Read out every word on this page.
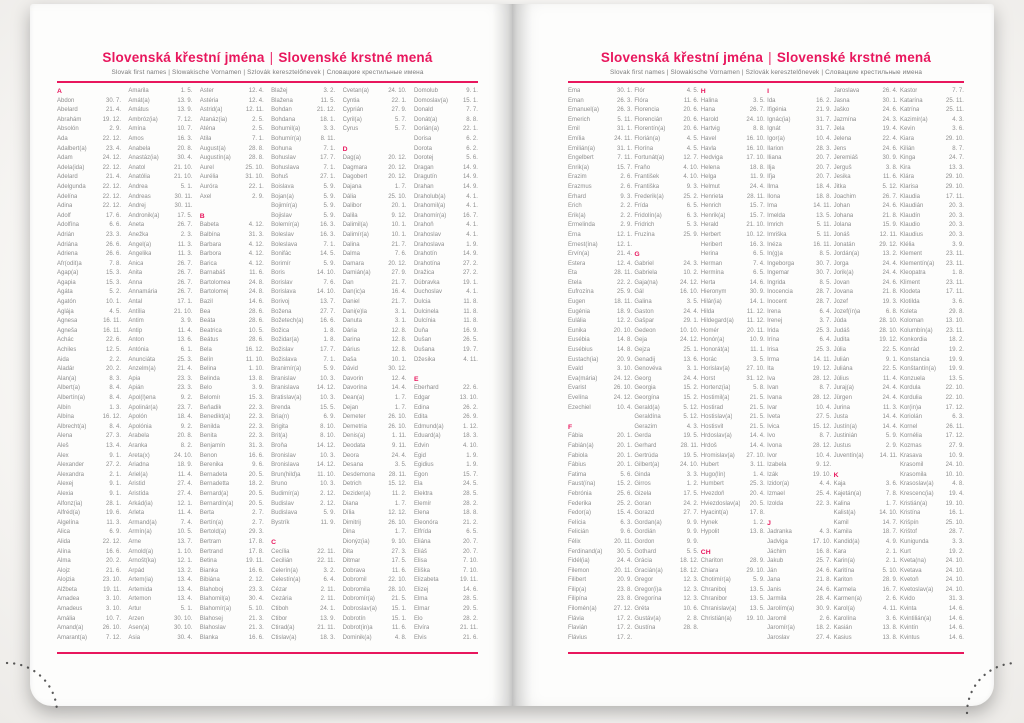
Slovenská křestní jména | Slovenské krstné mená
Slovak first names | Slowakische Vornamen | Szlovák keresztelőnevek | Словацкие крестильные имена
A
Abdon	30. 7.
Abelard	21. 4.
Abrahám	19. 12.
Absolón	2. 9.
Ada	22. 12.
Adalbert(a)	23. 4.
Adam	24. 12.
Adela(ida)	22. 12.
Adelard	21. 4.
Adelgunda	22. 12.
Adelína	22. 12.
Adina	22. 12.
Adolf	17. 6.
Adolfína	6. 6.
Adrián	23. 3.
Adriána	26. 6.
Adriena	26. 6.
Afr(odit)a	7. 8.
Agap(a)	15. 3.
Agapia	15. 3.
Agáta	5. 2.
Agatón	10. 1.
Aglája	4. 5.
Agnesa	16. 11.
Agneša	16. 11.
Achác	22. 6.
Achiles	12. 5.
Aida	2. 2.
Aladár	20. 2.
Alan(a)	8. 3.
Albert(a)	8. 4.
Albertín(a)	8. 4.
Albín	1. 3.
Albína	16. 12.
Albrecht(a)	8. 4.
Alena	27. 3.
Aleš	13. 4.
Alex	9. 1.
Alexander	27. 2.
Alexandra	2. 1.
Alexej	9. 1.
Alexia	9. 1.
Alfonz(ia)	28. 1.
Alfréd(a)	19. 6.
Algelína	11. 3.
Alica	6. 9.
Alida	22. 12.
Alína	16. 6.
Alma	20. 2.
Alojz	21. 6.
Alojzia	23. 10.
Alžbeta	19. 11.
Amadea	3. 10.
Amadeus	3. 10.
Amália	10. 7.
Amand(a)	26. 10.
Amarant(a)	7. 12.
Amarila	1. 5.
Amát(a)	13. 9.
Amátus	13. 9.
Ambróz(ia)	7. 12.
Amína	10. 7.
Amos	16. 3.
Anabela	20. 8.
Anastáz(ia)	30. 4.
Anatol	21. 10.
Anatólia	21. 10.
Andrea	5. 1.
Andreas	30. 11.
Andrej	30. 11.
Andronik(a)	17. 5.
Aneta	26. 7.
Anežka	2. 3.
Angel(a)	11. 3.
Angelika	11. 3.
Anica	26. 7.
Anita	26. 7.
Anna	26. 7.
Annamária	26. 7.
Antal	17. 1.
Antília	21. 10.
Antim	3. 9.
Antip	11. 4.
Anton	13. 6.
Antónia	6. 1.
Anunciáta	25. 3.
Anzelm(a)	21. 4.
Apia	23. 3.
Apián	23. 3.
Apol(l)ena	9. 2.
Apolinár(a)	23. 7.
Apolón	18. 4.
Apolónia	9. 2.
Arabela	20. 8.
Aranka	8. 2.
Areta(x)	24. 10.
Ariadna	18. 9.
Ariel(a)	11. 4.
Aristid	27. 4.
Aristída	27. 4.
Arkád(ia)	12. 1.
Arleta	11. 4.
Armand(a)	7. 4.
Armín(a)	10. 5.
Arne	13. 7.
Arnold(a)	1. 10.
Arnošt(ka)	12. 1.
Arpád	13. 2.
Artem(ia)	13. 4.
Artemida	13. 4.
Artemon	13. 4.
Artur	5. 1.
Arzen	30. 10.
Asen(a)	30. 10.
Asia	30. 4.
Aster	12. 4.
Astéria	12. 4.
Astrid(a)	12. 11.
Atanáz(ia)	2. 5.
Aténa	2. 5.
Atila	7. 1.
August(a)	28. 8.
Augustín(a)	28. 8.
Aurel	25. 10.
Aurélia	31. 10.
Auróra	22. 1.
Axel	2. 9.
B
Babeta	4. 12.
Balbína	31. 3.
Barbara	4. 12.
Barbora	4. 12.
Barica	4. 12.
Barnabáš	11. 6.
Bartolomea	24. 8.
Bartolomej	24. 8.
Bazil	14. 6.
Bea	28. 6.
Beáta	28. 6.
Beatrica	10. 5.
Beátus	28. 6.
Bela	16. 12.
Belín	11. 10.
Belina	1. 10.
Belinda	13. 8.
Belo	3. 9.
Belomír	15. 3.
Beňadik	22. 3.
Benedikt(a)	22. 3.
Benilda	22. 3.
Benita	22. 3.
Benjamín	31. 3.
Benon	16. 6.
Berenika	9. 6.
Bernadeta	20. 5.
Bernadetta	18. 2.
Bernard(a)	20. 5.
Bernardín(a)	20. 5.
Berta	2. 7.
Bertín(a)	2. 7.
Bertold(a)	29. 3.
Bertram	17. 8.
Bertrand	17. 8.
Betina	19. 11.
Bianka	16. 6.
Bibiána	2. 12.
Blahoboj	23. 3.
Blahomil(a)	30. 4.
Blahomír(a)	5. 10.
Blahosej	21. 3.
Blahoslav	21. 3.
Blanka	16. 6.
Blažej	3. 2.
Blažena	11. 5.
Bohdan	21. 12.
Bohdana	18. 1.
Bohumil(a)	3. 3.
Bohumír(a)	8. 11.
Bohuna	7. 1.
Bohuslav	17. 7.
Bohuslava	7. 1.
Bohuš	27. 1.
Boislava	5. 9.
Bojan(a)	5. 9.
Bojimír(a)	5. 9.
Bojislav	5. 9.
Bolemír(a)	16. 3.
Boleslav	16. 3.
Boleslava	7. 1.
Bonifác	14. 5.
Borimír	5. 9.
Boris	14. 10.
Borislav	7. 6.
Borislava	14. 10.
Borivoj	13. 7.
Božena	27. 7.
Božetech(a)	16. 6.
Božica	1. 8.
Božidar(a)	1. 8.
Božislav	17. 7.
Božislava	7. 1.
Branimír(a)	5. 9.
Branislav	10. 3.
Branislava	14. 12.
Bratislav(a)	10. 3.
Brenda	15. 5.
Bria(n)	6. 9.
Brigita	8. 10.
Brit(a)	8. 10.
Broňa	14. 12.
Bronislav	10. 3.
Bronislava	14. 12.
Brun(hild)a	11. 10.
Bruno	10. 3.
Budimír(a)	2. 12.
Budislav	2. 12.
Budislava	5. 9.
Bystrík	11. 9.
C
Cecília	22. 11.
Cecilián	22. 11.
Celerín(a)	3. 2.
Celestín(a)	6. 4.
Cézar	2. 11.
Cezária	2. 11.
Ctiboh	24. 1.
Ctibor	13. 9.
Ctirad(a)	21. 11.
Ctislav(a)	18. 3.
Cvetan(a)	24. 10.
Cyntia	22. 1.
Cyprián	27. 9.
Cyril(a)	5. 7.
Cyrus	5. 7.
D
Dag(a)	20. 12.
Dagmara	20. 12.
Dagobert	20. 12.
Dajana	1. 7.
Dália	25. 10.
Dalibor	20. 1.
Dalila	9. 12.
Dalimil(a)	10. 1.
Dalimír(a)	10. 1.
Dalina	21. 7.
Dalma	7. 6.
Damara	20. 12.
Damián(a)	27. 9.
Dan	21. 7.
Dan(ic)a	16. 4.
Daniel	21. 7.
Dani(e)la	3. 1.
Danuta	3. 1.
Dária	12. 8.
Darina	12. 8.
Dárius	12. 8.
Daša	10. 1.
Dávid	30. 12.
Davorin	12. 4.
Davorína	14. 4.
Dean(a)	1. 7.
Dejan	1. 7.
Demeter	26. 10.
Demetria	26. 10.
Denis(a)	1. 11.
Deodata	9. 11.
Deora	24. 4.
Desana	3. 5.
Desdemona 28. 11.
Detrich	15. 12.
Dezider(a)	11. 2.
Diana	1. 7.
Dília	12. 12.
Dimitrij	26. 10.
Dina	1. 7.
Dionýz(ia)	9. 10.
Dita	27. 3.
Ditmar	17. 5.
Dobrava	11. 6.
Dobromil	22. 10.
Dobromila	28. 10.
Dobromír(a)	21. 5.
Dobroslav(a) 15. 1.
Dobrotín	15. 1.
Dobrot(in)a	11. 6.
Dominik(a)	4. 8.
Domolub	9. 1.
Domoslav(a) 15. 1.
Donald	7. 7.
Donát(a)	8. 8.
Dorián(a)	22. 1.
Dorisa	6. 2.
Dorota	6. 2.
Dorotej	5. 6.
Dragan	14. 9.
Dragutín	14. 9.
Drahan	14. 9.
Draholub(a)	4. 1.
Drahomil(a)	4. 1.
Drahomír(a)	16. 7.
Drahoň	4. 1.
Drahoslav	4. 1.
Drahoslava	1. 9.
Drahotín	14. 9.
Drahotína	27. 2.
Dražica	27. 2.
Dúbravka	19. 1.
Duchoslav	4. 1.
Dulcia	11. 8.
Dulcinela	11. 8.
Dulcínia	11. 8.
Duňa	16. 9.
Dušan	26. 5.
Dušana	19. 7.
Džesika	4. 11.
E
Eberhard	22. 6.
Edgar	13. 10.
Edina	26. 2.
Edita	26. 9.
Edmund(a)	1. 12.
Eduard(a)	18. 3.
Edvin	4. 10.
Egid	1. 9.
Egidius	1. 9.
Egon	15. 7.
Ela	24. 5.
Elektra	28. 5.
Elemír	28. 2.
Elena	18. 8.
Eleonóra	21. 2.
Elfrída	6. 5.
Eliána	20. 7.
Eliáš	20. 7.
Elisa	7. 10.
Eliška	7. 10.
Elizabeta	19. 11.
Elizej	14. 6.
Elma	28. 5.
Elmar	29. 5.
Elo	28. 2.
Elvíra	21. 11.
Elvis	21. 6.
Slovenská křestní jména | Slovenské krstné mená
Slovak first names | Slowakische Vornamen | Szlovák keresztelőnevek | Словацкие крестильные имена
Ema	30. 1.
Eman	26. 3.
Emanuel(a)	26. 3.
Emerich	5. 11.
Emil	31. 1.
Emília	24. 11.
Emilián(a)	31. 1.
Engelbert	7. 11.
Enrik(a)	15. 7.
Erazim	2. 6.
Erazmus	2. 6.
Erhard	9. 3.
Erich	2. 2.
Erik(a)	2. 2.
Ermelinda	2. 9.
Erna	12. 1.
Ernest(ína)	12. 1.
Ervín(a)	21. 4.
Estera	12. 4.
Eta	28. 11.
Etela	22. 2.
Eufrozína	25. 9.
Eugen	18. 11.
Eugénia	18. 9.
Eulália	12. 2.
Eunika	20. 10.
Eusébia	14. 8.
Eusébius	14. 8.
Eustach(ia)	20. 9.
Evald	3. 10.
Eva(mária)	24. 12.
Evarist	26. 10.
Evelína	24. 12.
Ezechiel	10. 4.
F
Fábia	20. 1.
Fabián(a)	20. 1.
Fabiola	20. 1.
Fábius	20. 1.
Fatima	5. 6.
Faust(ína)	15. 2.
Febrónia	25. 6.
Federika	25. 2.
Fedor(a)	15. 4.
Felícia	6. 3.
Felicián	9. 6.
Félix	20. 11.
Ferdinand(a) 30. 5.
Fidél(ia)	24. 4.
Filemon	20. 11.
Filibert	20. 9.
Filip(a)	23. 8.
Filipína	23. 8.
Filomén(a)	27. 12.
Flávia	17. 2.
Flavián	17. 2.
Flávius	17. 2.
Flór	4. 5.
Flóra	11. 6.
Florencia	20. 6.
Florencián	20. 6.
Florentín(a)	20. 6.
Florián(a)	4. 5.
Florína	4. 5.
Fortunát(a)	12. 7.
Fraňo	4. 10.
František	4. 10.
Františka	9. 3.
Frederik(a)	25. 2.
Frída	6. 5.
Fridolín(a)	6. 3.
Fridrich	5. 3.
Fruzína	25. 9.
G
Gabriel	24. 3.
Gabriela	10. 2.
Gaja(na)	24. 12.
Gál	16. 10.
Galina	3. 5.
Gaston	24. 4.
Gašpar	29. 1.
Gedeon	10. 10.
Geja	24. 12.
Gejza	25. 1.
Genadij	13. 6.
Genovéva	3. 1.
Georg	24. 4.
Georgia	15. 2.
Georgína	15. 2.
Gerald(a)	5. 12.
Geraldína	5. 12.
Gerazim	4. 3.
Gerda	19. 5.
Gerhard	28. 11.
Gertrúda	19. 5.
Gilbert(a)	24. 10.
Ginda	3. 3.
Girros	1. 2.
Gizela	17. 5.
Goran	24. 2.
Gorazd	27. 7.
Gordan(a)	9. 9.
Gordián	9. 9.
Gordon	9. 9.
Gothard	5. 5.
Grácia	18. 12.
Gracián(a)	18. 12.
Gregor	12. 3.
Gregor(i)a	12. 3.
Gregorína	12. 3.
Gréta	10. 6.
Gustáv(a)	2. 8.
Gustína	28. 8.
H
Halina	3. 5.
Hana	26. 7.
Harold	24. 10.
Hartvig	8. 8.
Havel	16. 10.
Havla	16. 10.
Hedviga	17. 10.
Helena	18. 8.
Helga	11. 9.
Helmut	24. 4.
Henrieta	28. 11.
Henrich	15. 7.
Henrik(a)	15. 7.
Herald	21. 10.
Herbert	10. 12.
Heribert	16. 3.
Herina	6. 5.
Herman	7. 4.
Hermína	6. 5.
Herta	14. 6.
Hieronym	30. 9.
Hilár(ia)	14. 1.
Hilda	11. 12.
Hildegard(a) 11. 12.
Homér	20. 11.
Honór(a)	10. 9.
Honorát(a)	11. 1.
Horác	3. 5.
Horislav(a)	27. 10.
Horst	31. 12.
Hortenz(ia)	5. 8.
Hostimil(a)	21. 5.
Hostirad	21. 5.
Hostislav(a)	21. 5.
Hostisvit	21. 5.
Hrdoslav(a)	14. 4.
Hrdoš	14. 4.
Hromislav(a) 27. 10.
Hubert	3. 11.
Hugo(lín)	1. 4.
Humbert	25. 3.
Hvezdoň	20. 4.
Hviezdoslav(a) 20. 5.
Hyacint(a)	17. 8.
Hynek	1. 2.
Hypolit	13. 8.
CH
Chariton	28. 9.
Chiara	29. 10.
Chotimír(a)	5. 9.
Chraniboj	13. 5.
Chranibor	13. 5.
Chranislav(a) 13. 5.
Christián(a) 19. 10.
I
Ida	16. 2.
Ifigénia	21. 9.
Ignác(ia)	31. 7.
Ignát	31. 7.
Igor(a)	10. 4.
Ilarion	28. 3.
Iliana	20. 7.
Ilja	20. 7.
Iľja	20. 7.
Ilma	18. 4.
Ilona	18. 8.
Ima	14. 11.
Imelda	13. 5.
Imrich	5. 11.
Imriška	5. 11.
Inéza	16. 11.
In(g)a	8. 5.
Ingeborga	30. 7.
Ingemar	30. 7.
Ingrida	8. 5.
Inocencia	28. 7.
Inocent	28. 7.
Irena	6. 4.
Irenej	3. 7.
Irida	25. 3.
Irína	6. 4.
Irisa	25. 3.
Irma	14. 11.
Ita	19. 12.
Iva	28. 12.
Ivan	8. 7.
Ivana	28. 12.
Ivar	10. 4.
Iveta	27. 5.
Ivica	15. 12.
Ivo	8. 7.
Ivona	28. 12.
Ivor	10. 4.
Izabela	9. 12.
Izák	19. 10.
Izidor(a)	4. 4.
Izmael	25. 4.
Izolda	22. 3.
J
Jadranka	4. 3.
Jadviga	17. 10.
Jáchim	16. 8.
Jakub	25. 7.
Ján	24. 6.
Jana	21. 8.
Janis	24. 6.
Jarmila	28. 4.
Jarolím(a)	30. 9.
Jaromil	2. 6.
Jaromír(a)	18. 2.
Jaroslav	27. 4.
Jaroslava	26. 4.
Jasna	30. 1.
Jaško	24. 6.
Jazmína	24. 3.
Jela	19. 4.
Jelena	22. 4.
Jens	24. 6.
Jeremiáš	30. 9.
Jerguš	3. 8.
Jesika	11. 6.
Jitka	5. 12.
Joachim	26. 7.
Johan	24. 6.
Johana	21. 8.
Jolana	15. 9.
Jonáš	12. 11.
Jonatán	29. 12.
Jordán(a)	13. 2.
Jorga	24. 4.
Jorik(a)	24. 4.
Jovan	24. 6.
Jovana	21. 8.
Jozef	19. 3.
Jozef(ín)a	6. 8.
Júda	28. 10.
Judáš	28. 10.
Judita	19. 12.
Júlia	22. 5.
Julián	9. 1.
Juliána	22. 5.
Július	11. 4.
Juraj(a)	24. 4.
Jürgen	24. 4.
Jurina	11. 3.
Justa	14. 4.
Justín(a)	14. 4.
Justinián	5. 9.
Justus	2. 9.
Juventín(a)	14. 11.
K
Kaja	3. 6.
Kajetán(a)	7. 8.
Kalina	1. 7.
Kalist(a)	14. 10.
Kamil	14. 7.
Kamila	18. 7.
Kandid(a)	4. 9.
Kara	2. 1.
Karin(a)	2. 1.
Karitína	5. 10.
Kariton	28. 9.
Karmela	16. 7.
Karmen(a)	2. 6.
Karol(a)	4. 11.
Karolína	3. 6.
Kasián	13. 8.
Kasius	13. 8.
Kastor	7. 7.
Katarína	25. 11.
Katrína	25. 11.
Kazimír(a)	4. 3.
Kevin	3. 6.
Kiara	29. 10.
Kilián	8. 7.
Kinga	24. 7.
Kira	13. 3.
Klára	29. 10.
Klarisa	29. 10.
Klaudia	17. 11.
Klaudián	20. 3.
Klaudín	20. 3.
Klaudio	20. 3.
Klaudius	20. 3.
Klélia	3. 9.
Klement	23. 11.
Klementín(a) 23. 11.
Kleopatra	1. 8.
Kliment	23. 11.
Klodeta	17. 11.
Klotilda	3. 6.
Koleta	29. 8.
Koloman	13. 10.
Kolumbín(a) 23. 11.
Konkordia	18. 2.
Konrád	19. 2.
Konstancia	19. 9.
Konštantín(a) 19. 9.
Konzuela	13. 5.
Kordula	22. 10.
Kordulia	22. 10.
Kor(in)a	17. 12.
Koriolán	6. 3.
Kornel	26. 11.
Kornélia	17. 12.
Kozmas	27. 9.
Krasava	10. 9.
Krasomil	24. 10.
Krasomila	10. 10.
Krasoslav(a)	4. 8.
Krescenc(ia)	19. 4.
Kristián(a)	19. 10.
Kristína	16. 1.
Krišpín	25. 10.
Krištof	28. 7.
Kunigunda	3. 3.
Kurt	19. 2.
Kveta(na)	24. 10.
Kvetava	24. 10.
Kvetoň	24. 10.
Kvetoslav(a) 24. 10.
Kvido	31. 3.
Kvinta	14. 6.
Kvintilián(a)	14. 6.
Kvintín	14. 6.
Kvintus	14. 6.
